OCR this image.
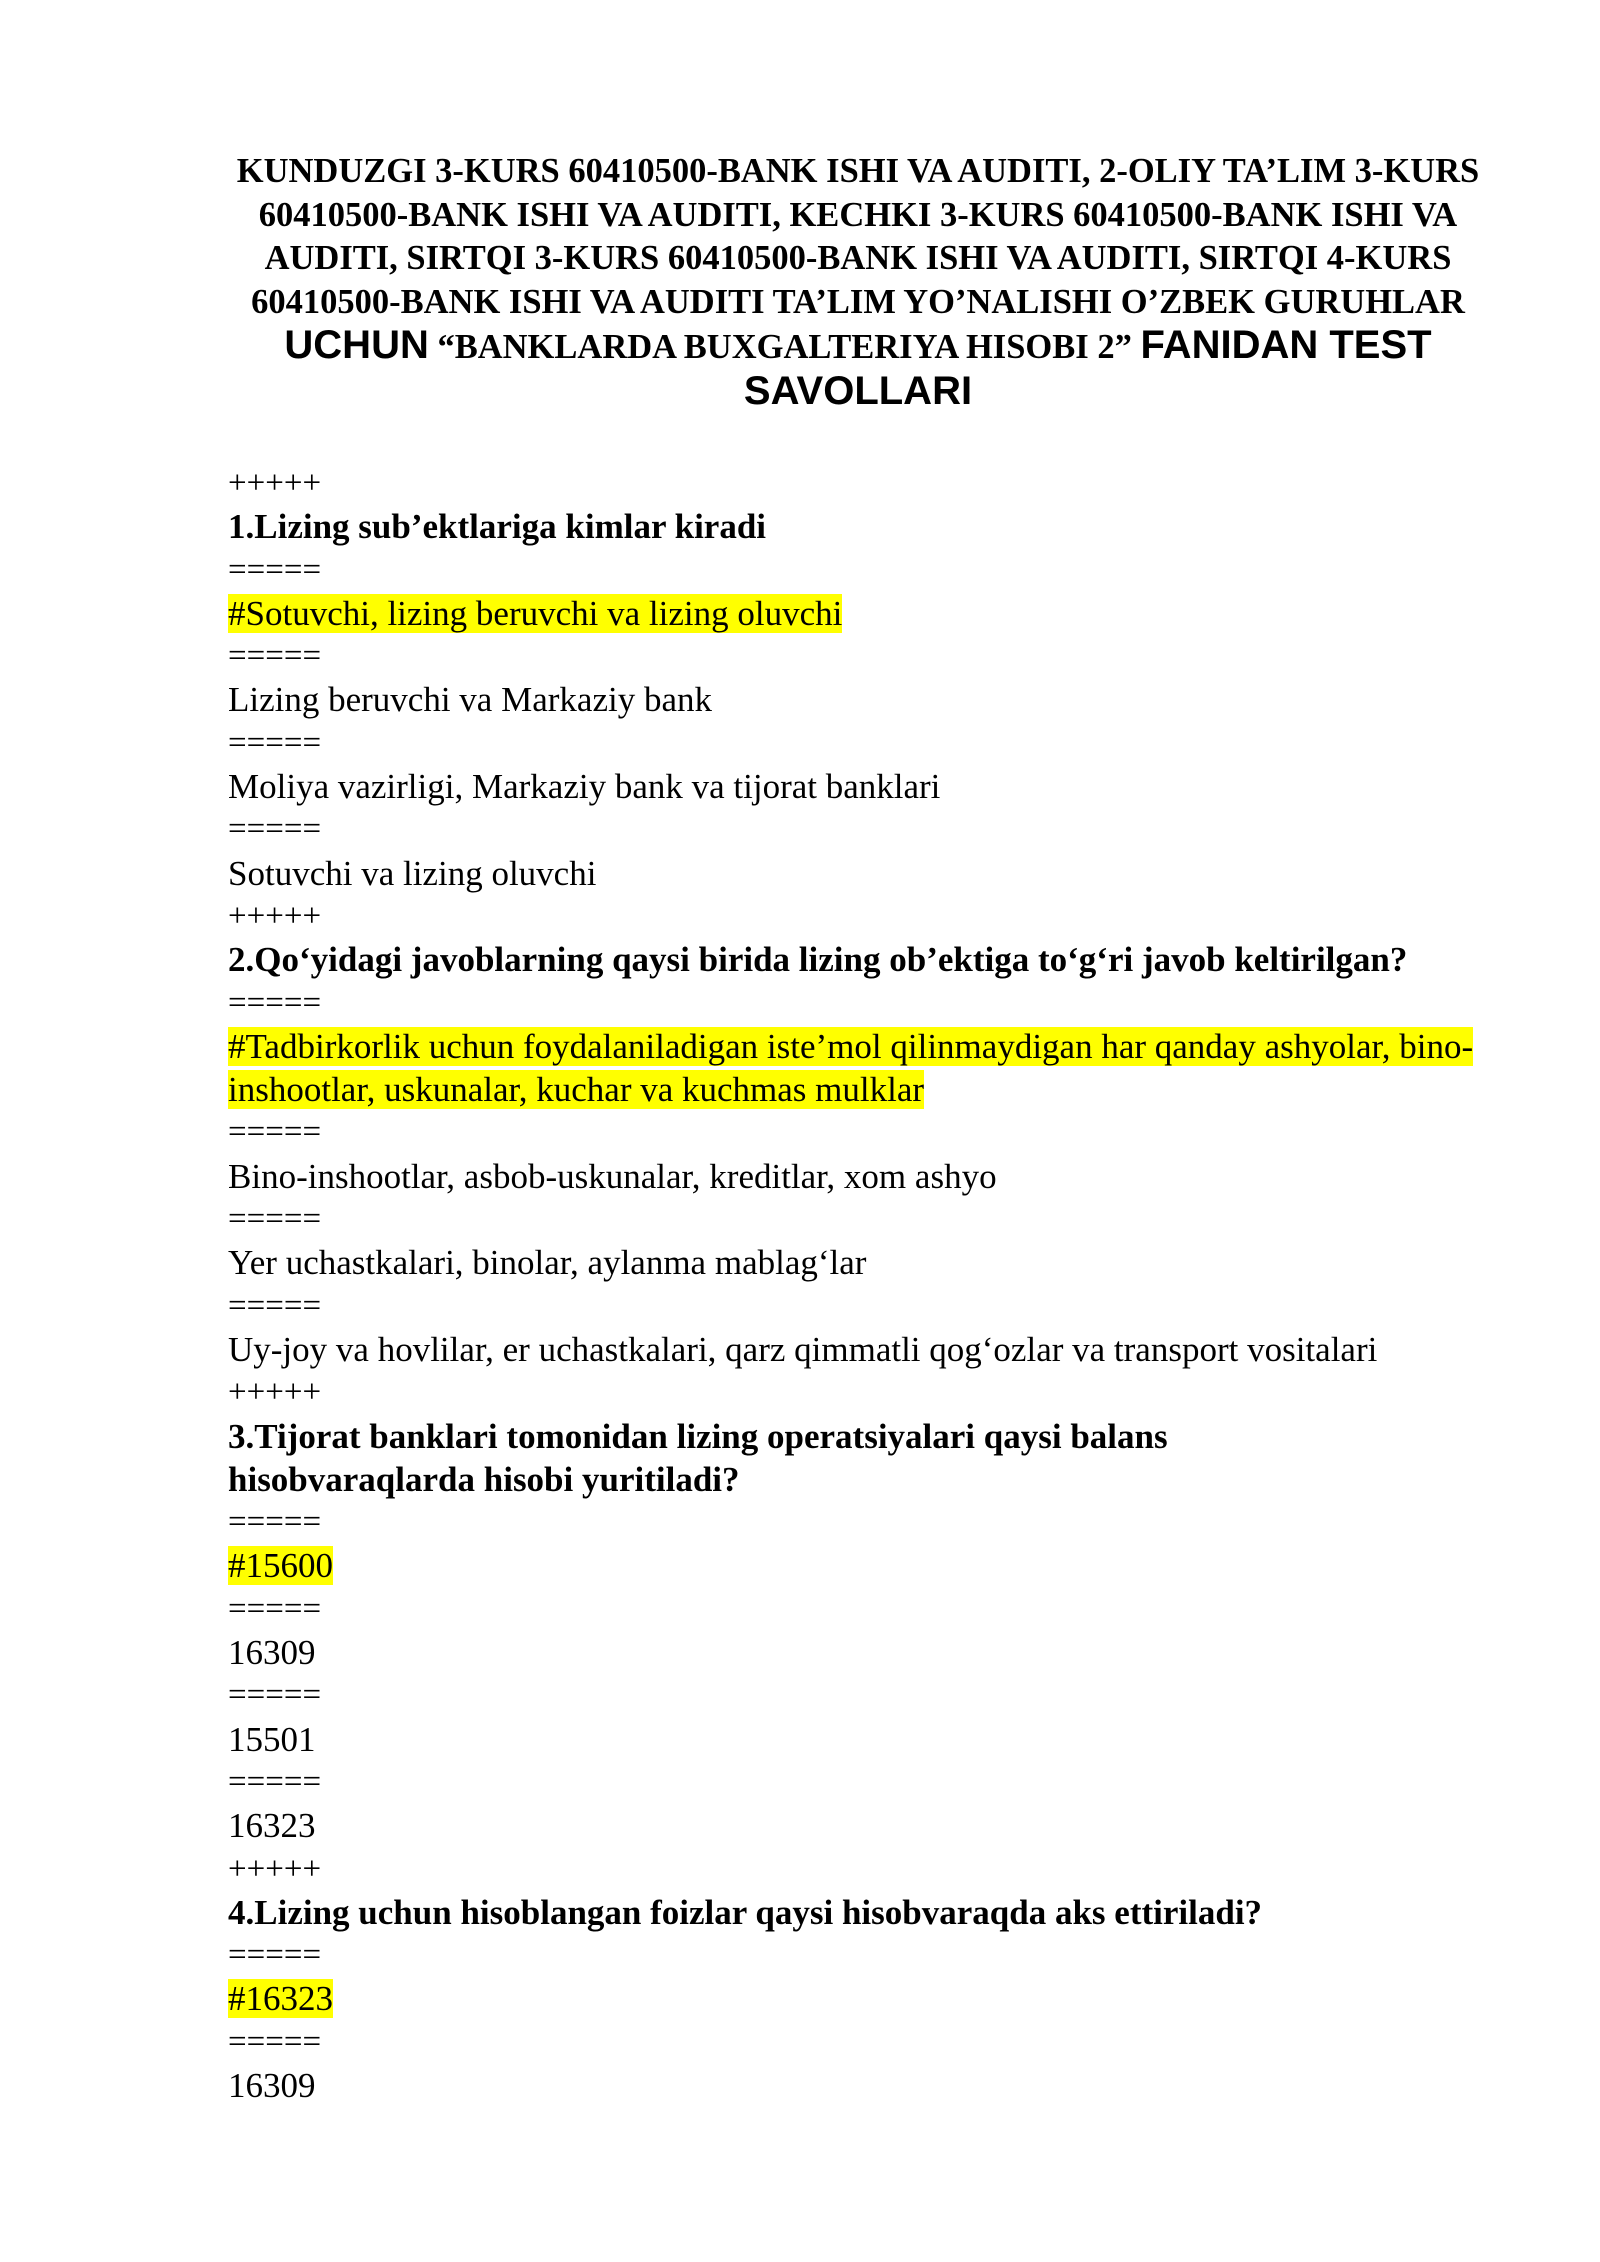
KUNDUZGI 3-KURS 60410500-BANK ISHI VA AUDITI, 2-OLIY TA’LIM 3-KURS 60410500-BANK ISHI VA AUDITI, KECHKI 3-KURS 60410500-BANK ISHI VA AUDITI, SIRTQI 3-KURS 60410500-BANK ISHI VA AUDITI, SIRTQI 4-KURS 60410500-BANK ISHI VA AUDITI TA’LIM YO’NALISHI O’ZBEK GURUHLAR UCHUN “BANKLARDA BUXGALTERIYA HISOBI 2” FANIDAN TEST SAVOLLARI
+++++
1.Lizing sub’ektlariga kimlar kiradi
=====
#Sotuvchi, lizing beruvchi va lizing oluvchi
=====
Lizing beruvchi va Markaziy bank
=====
Moliya vazirligi, Markaziy bank va tijorat banklari
=====
Sotuvchi va lizing oluvchi
+++++
2.Qo‘yidagi javoblarning qaysi birida lizing ob’ektiga to‘g‘ri javob keltirilgan?
=====
#Tadbirkorlik uchun foydalaniladigan iste’mol qilinmaydigan har qanday ashyolar, bino-inshootlar, uskunalar, kuchar va kuchmas mulklar
=====
Bino-inshootlar, asbob-uskunalar, kreditlar, xom ashyo
=====
Yer uchastkalari, binolar, aylanma mablag‘lar
=====
Uy-joy va hovlilar, er uchastkalari, qarz qimmatli qog‘ozlar va transport vositalari
+++++
3.Tijorat banklari tomonidan lizing operatsiyalari qaysi balans hisobvaraqlarda hisobi yuritiladi?
=====
#15600
=====
16309
=====
15501
=====
16323
+++++
4.Lizing uchun hisoblangan foizlar qaysi hisobvaraqda aks ettiriladi?
=====
#16323
=====
16309
